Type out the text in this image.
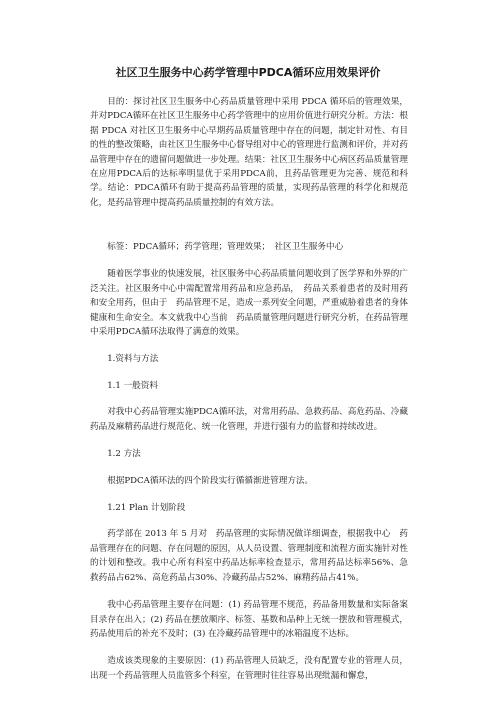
社区卫生服务中心药学管理中PDCA循环应用效果评价

目的：探讨社区卫生服务中心药品质量管理中采用 PDCA 循环后的管理效果，并对PDCA循环在社区卫生服务中心药学管理中的应用价值进行研究分析。方法：根据 PDCA 对社区卫生服务中心早期药品质量管理中存在的问题，制定针对性、有目的性的整改策略，由社区卫生服务中心督导组对中心的管理进行监测和评价，并对药品管理中存在的遗留问题做进一步处理。结果：社区卫生服务中心病区药品质量管理在应用PDCA后的达标率明显优于采用PDCA前，且药品管理更为完善、规范和科学。结论：PDCA循环有助于提高药品管理的质量，实现药品管理的科学化和规范化，是药品管理中提高药品质量控制的有效方法。

标签：PDCA循环；药学管理；管理效果；　社区卫生服务中心

随着医学事业的快速发展，社区服务中心药品质量问题收到了医学界和外界的广泛关注。社区服务中心中需配置常用药品和应急药品，　药品关系着患者的及时用药和安全用药，但由于　药品管理不足，造成一系列安全问题，严重威胁着患者的身体健康和生命安全。本文就我中心当前　药品质量管理问题进行研究分析，在药品管理中采用PDCA循环法取得了满意的效果。

1.资料与方法

1.1 一般资料

对我中心药品管理实施PDCA循环法，对常用药品、急救药品、高危药品、冷藏药品及麻精药品进行规范化、统一化管理，并进行强有力的监督和持续改进。

1.2 方法

根据PDCA循环法的四个阶段实行循循渐进管理方法。

1.21 Plan 计划阶段

药学部在 2013 年 5 月对　药品管理的实际情况做详细调查，根据我中心　药品管理存在的问题、存在问题的原因，从人员设置、管理制度和流程方面实施针对性的计划和整改。我中心所有科室中药品达标率检查显示，常用药品达标率56%、急救药品占62%、高危药品占30%、冷藏药品占52%、麻精药品占41%。

我中心药品管理主要存在问题：(1) 药品管理不规范，药品备用数量和实际备案目录存在出入；(2) 药品在摆放顺序、标签、基数和品种上无统一摆放和管理模式，药品使用后的补充不及时；(3) 在冷藏药品管理中的冰箱温度不达标。

造成该类现象的主要原因：(1) 药品管理人员缺乏，没有配置专业的管理人员，出现一个药品管理人员监管多个科室，在管理时往往容易出现纰漏和懈怠，
